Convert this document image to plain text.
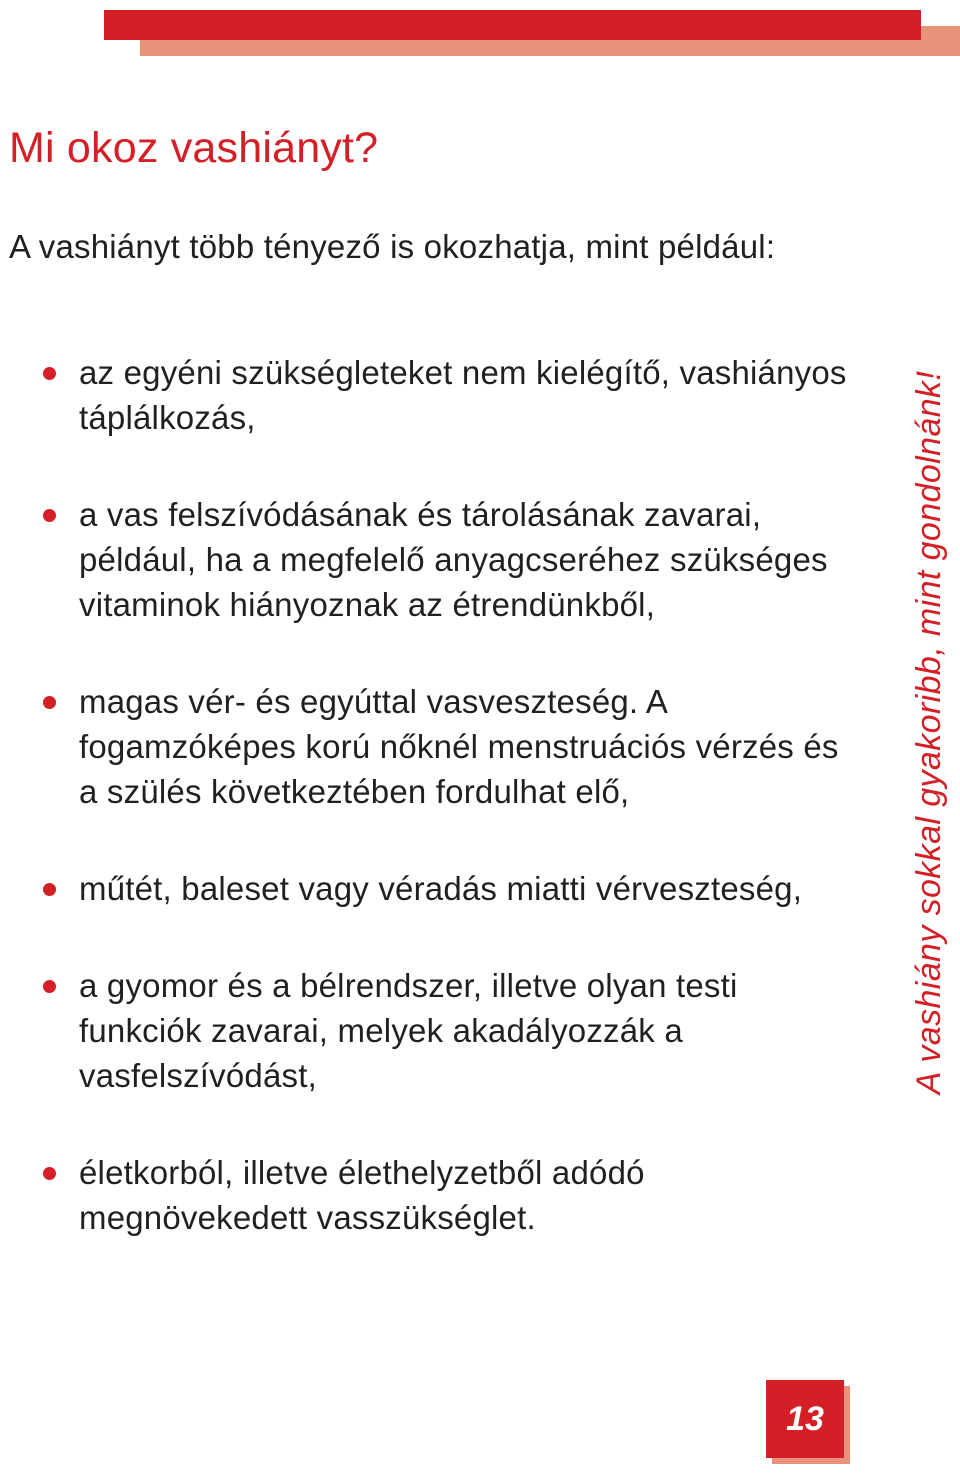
Mi okoz vashiányt?

A vashiányt több tényező is okozhatja, mint például:

az egyéni szükségleteket nem kielégítő, vashiányos táplálkozás,
a vas felszívódásának és tárolásának zavarai, például, ha a megfelelő anyagcseréhez szükséges vitaminok hiányoznak az étrendünkből,
magas vér- és egyúttal vasveszteség. A fogamzóképes korú nőknél menstruációs vérzés és a szülés következtében fordulhat elő,
műtét, baleset vagy véradás miatti vérveszteség,
a gyomor és a bélrendszer, illetve olyan testi funkciók zavarai, melyek akadályozzák a vasfelszívódást,
életkorból, illetve élethelyzetből adódó megnövekedett vasszükséglet.
A vashiány sokkal gyakoribb, mint gondolnánk!
13
